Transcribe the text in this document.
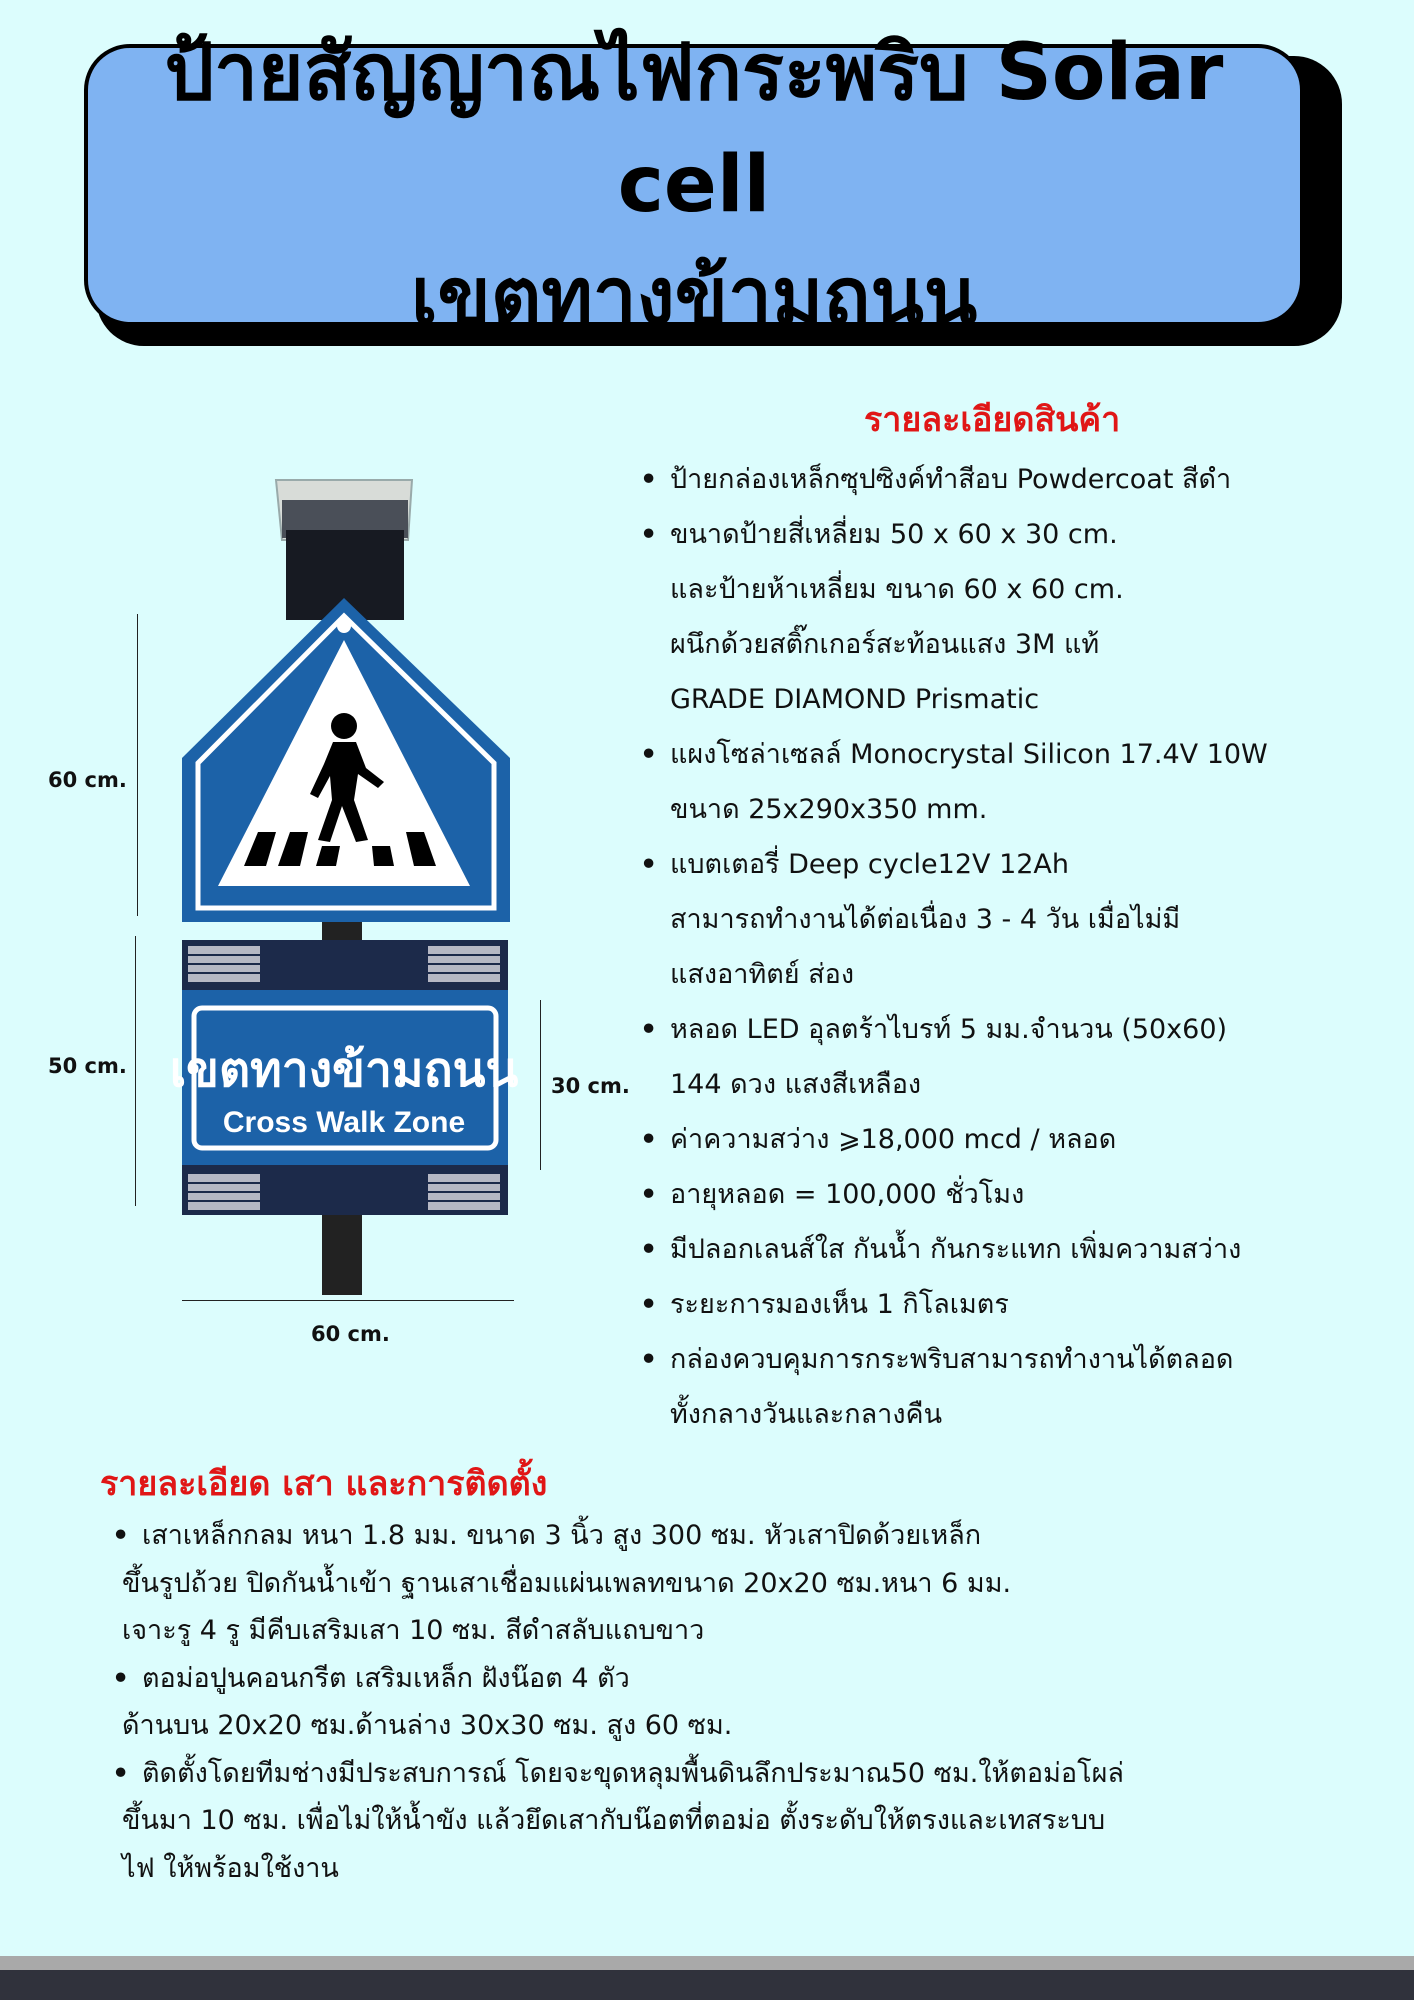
ป้ายสัญญาณไฟกระพริบ Solar cell
เขตทางข้ามถนน
เขตทางข้ามถนน
Cross Walk Zone
60 cm.
50 cm.
30 cm.
60 cm.
รายละเอียดสินค้า
• ป้ายกล่องเหล็กซุปซิงค์ทำสีอบ Powdercoat สีดำ
• ขนาดป้ายสี่เหลี่ยม 50 x 60 x 30 cm.
และป้ายห้าเหลี่ยม ขนาด 60 x 60 cm.
ผนึกด้วยสติ๊กเกอร์สะท้อนแสง 3M แท้
GRADE DIAMOND Prismatic
• แผงโซล่าเซลล์ Monocrystal Silicon 17.4V 10W
ขนาด 25x290x350 mm.
• แบตเตอรี่ Deep cycle12V 12Ah
สามารถทำงานได้ต่อเนื่อง 3 - 4 วัน เมื่อไม่มี
แสงอาทิตย์ ส่อง
• หลอด LED อุลตร้าไบรท์ 5 มม.จำนวน (50x60)
144 ดวง แสงสีเหลือง
• ค่าความสว่าง ⩾18,000 mcd / หลอด
• อายุหลอด = 100,000 ชั่วโมง
• มีปลอกเลนส์ใส กันน้ำ กันกระแทก เพิ่มความสว่าง
• ระยะการมองเห็น 1 กิโลเมตร
• กล่องควบคุมการกระพริบสามารถทำงานได้ตลอด
ทั้งกลางวันและกลางคืน
รายละเอียด เสา และการติดตั้ง
• เสาเหล็กกลม หนา 1.8 มม. ขนาด 3 นิ้ว สูง 300 ซม. หัวเสาปิดด้วยเหล็ก
ขึ้นรูปถ้วย ปิดกันน้ำเข้า ฐานเสาเชื่อมแผ่นเพลทขนาด 20x20 ซม.หนา 6 มม.
เจาะรู 4 รู มีคีบเสริมเสา 10 ซม. สีดำสลับแถบขาว
• ตอม่อปูนคอนกรีต เสริมเหล็ก ฝังน๊อต 4 ตัว
ด้านบน 20x20 ซม.ด้านล่าง 30x30 ซม. สูง 60 ซม.
• ติดตั้งโดยทีมช่างมีประสบการณ์ โดยจะขุดหลุมพื้นดินลึกประมาณ50 ซม.ให้ตอม่อโผล่
ขึ้นมา 10 ซม. เพื่อไม่ให้น้ำขัง แล้วยึดเสากับน๊อตที่ตอม่อ ตั้งระดับให้ตรงและเทสระบบ
ไฟ ให้พร้อมใช้งาน
